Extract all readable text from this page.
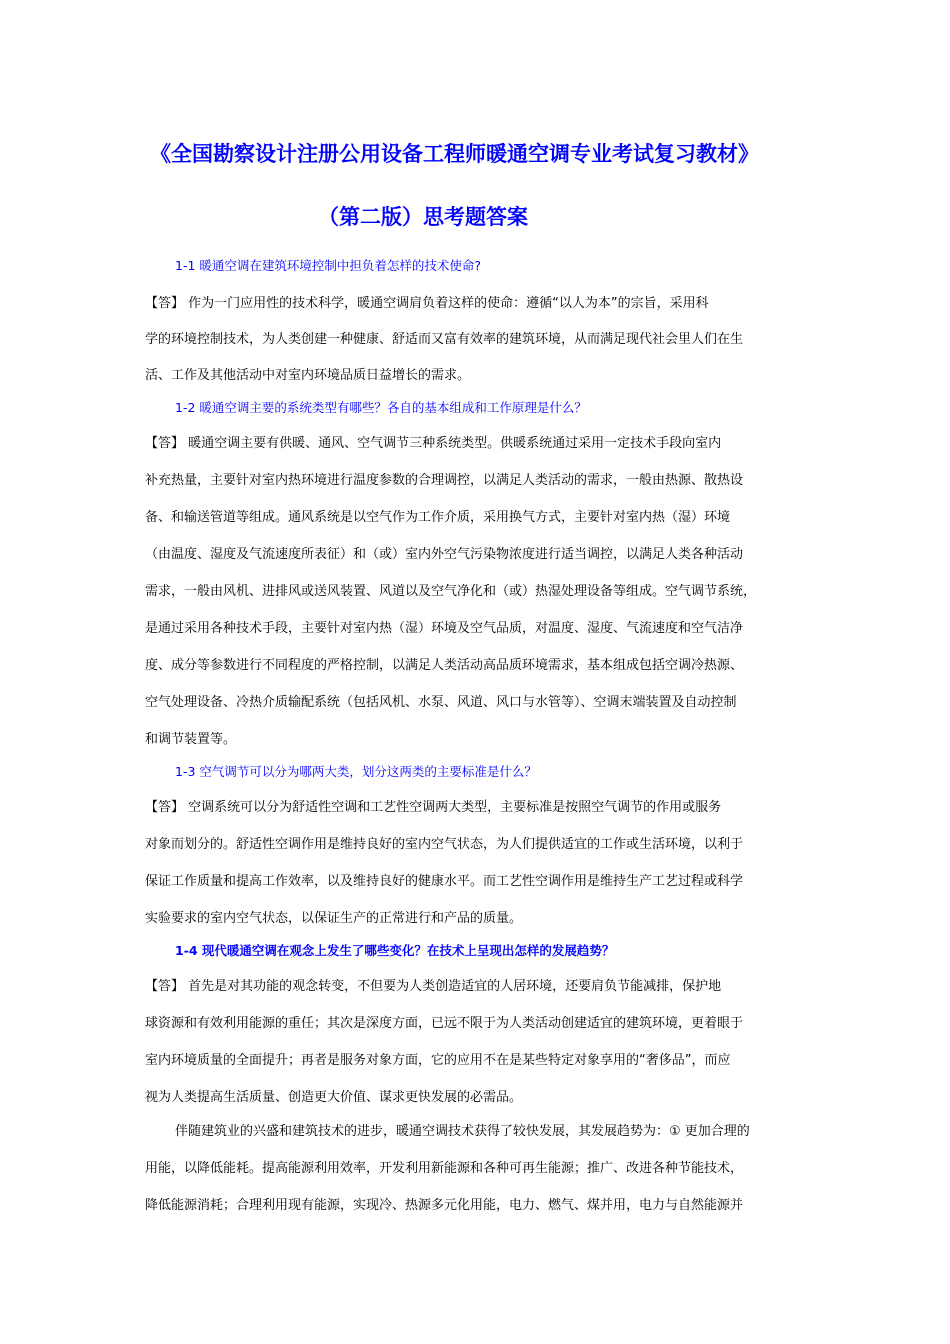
《全国勘察设计注册公用设备工程师暖通空调专业考试复习教材》
（第二版）思考题答案
1-1 暖通空调在建筑环境控制中担负着怎样的技术使命?
【答】 作为一门应用性的技术科学，暖通空调肩负着这样的使命：遵循“以人为本”的宗旨，采用科
学的环境控制技术，为人类创建一种健康、舒适而又富有效率的建筑环境，从而满足现代社会里人们在生
活、工作及其他活动中对室内环境品质日益增长的需求。
1-2 暖通空调主要的系统类型有哪些？各自的基本组成和工作原理是什么？
【答】 暖通空调主要有供暖、通风、空气调节三种系统类型。供暖系统通过采用一定技术手段向室内
补充热量，主要针对室内热环境进行温度参数的合理调控，以满足人类活动的需求，一般由热源、散热设
备、和输送管道等组成。通风系统是以空气作为工作介质，采用换气方式，主要针对室内热（湿）环境
（由温度、湿度及气流速度所表征）和（或）室内外空气污染物浓度进行适当调控，以满足人类各种活动
需求，一般由风机、进排风或送风装置、风道以及空气净化和（或）热湿处理设备等组成。空气调节系统，
是通过采用各种技术手段，主要针对室内热（湿）环境及空气品质，对温度、湿度、气流速度和空气洁净
度、成分等参数进行不同程度的严格控制，以满足人类活动高品质环境需求，基本组成包括空调冷热源、
空气处理设备、冷热介质输配系统（包括风机、水泵、风道、风口与水管等）、空调末端装置及自动控制
和调节装置等。
1-3 空气调节可以分为哪两大类，划分这两类的主要标准是什么？
【答】 空调系统可以分为舒适性空调和工艺性空调两大类型，主要标准是按照空气调节的作用或服务
对象而划分的。舒适性空调作用是维持良好的室内空气状态，为人们提供适宜的工作或生活环境，以利于
保证工作质量和提高工作效率，以及维持良好的健康水平。而工艺性空调作用是维持生产工艺过程或科学
实验要求的室内空气状态，以保证生产的正常进行和产品的质量。
1-4 现代暖通空调在观念上发生了哪些变化？在技术上呈现出怎样的发展趋势？
【答】 首先是对其功能的观念转变，不但要为人类创造适宜的人居环境，还要肩负节能减排，保护地
球资源和有效利用能源的重任；其次是深度方面，已远不限于为人类活动创建适宜的建筑环境，更着眼于
室内环境质量的全面提升；再者是服务对象方面，它的应用不在是某些特定对象享用的“奢侈品”，而应
视为人类提高生活质量、创造更大价值、谋求更快发展的必需品。
伴随建筑业的兴盛和建筑技术的进步，暖通空调技术获得了较快发展，其发展趋势为：① 更加合理的
用能，以降低能耗。提高能源利用效率，开发利用新能源和各种可再生能源；推广、改进各种节能技术，
降低能源消耗；合理利用现有能源，实现冷、热源多元化用能，电力、燃气、煤并用，电力与自然能源并
